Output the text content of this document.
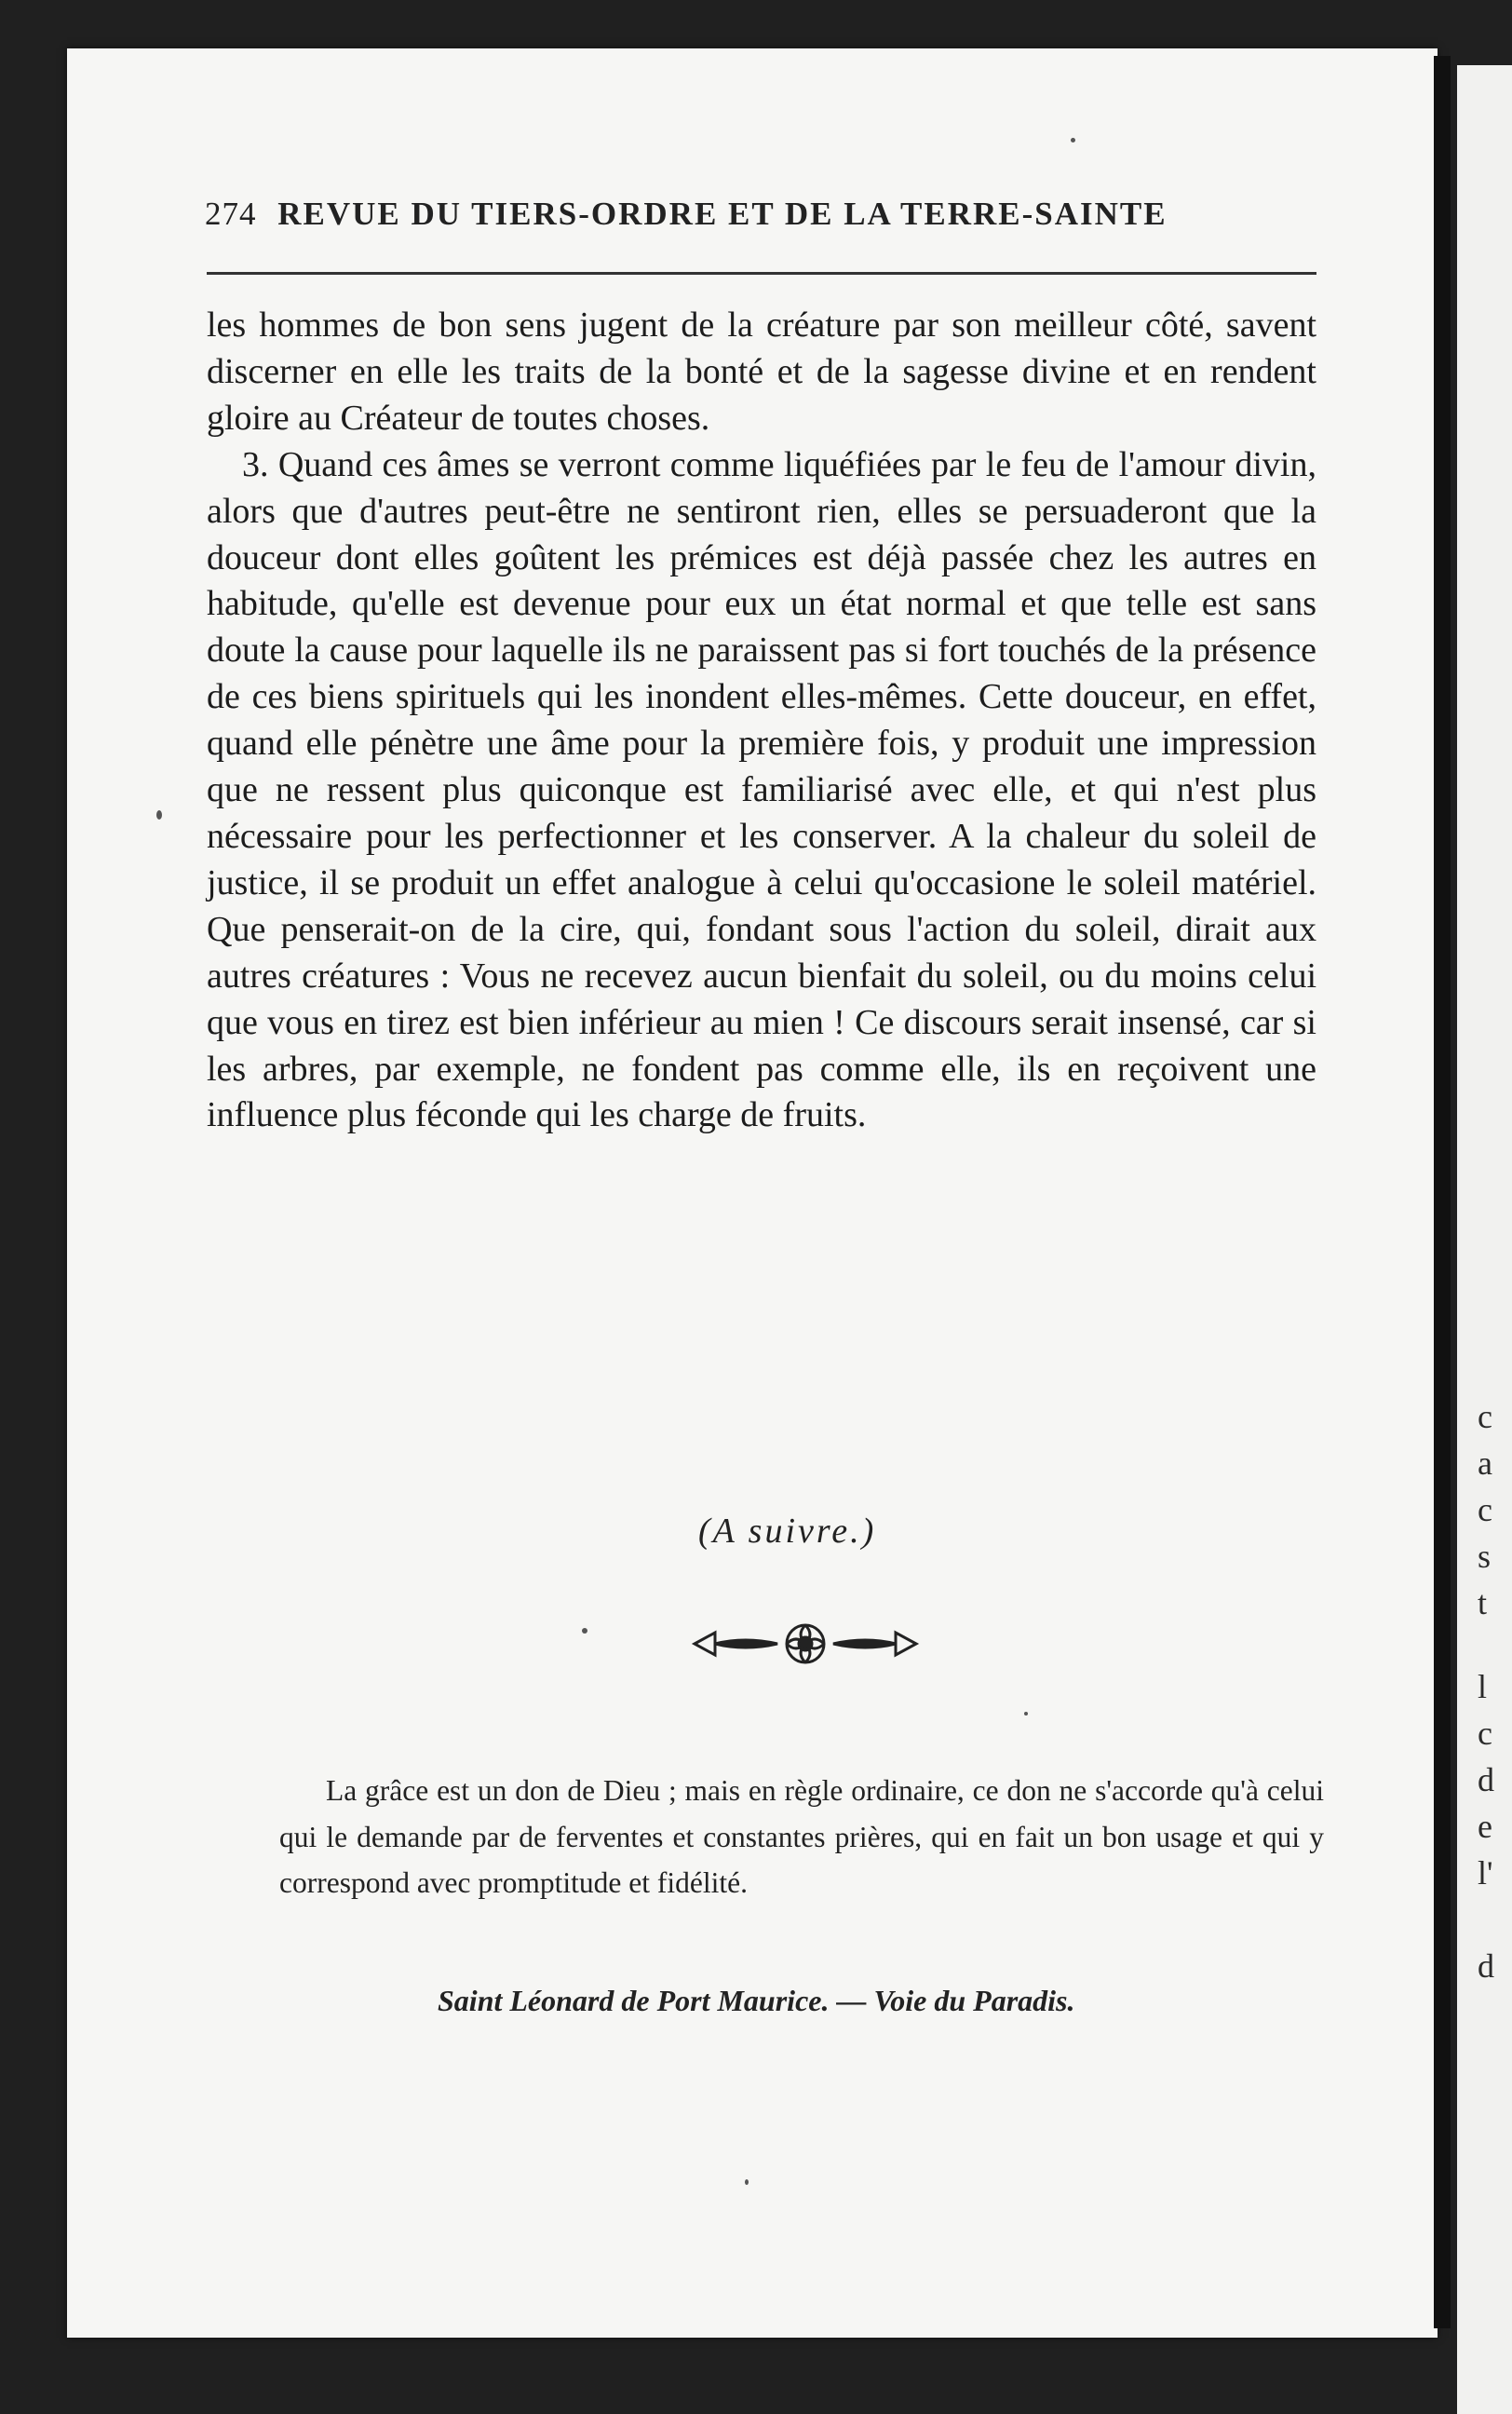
c
a
c
s
t
l
c
d
e
l'
d
274 REVUE DU TIERS-ORDRE ET DE LA TERRE-SAINTE

les hommes de bon sens jugent de la créature par son meilleur côté, savent discerner en elle les traits de la bonté et de la sagesse divine et en rendent gloire au Créateur de toutes choses.

3. Quand ces âmes se verront comme liquéfiées par le feu de l'amour divin, alors que d'autres peut-être ne sentiront rien, elles se persuaderont que la douceur dont elles goûtent les prémices est déjà passée chez les autres en habitude, qu'elle est devenue pour eux un état normal et que telle est sans doute la cause pour laquelle ils ne paraissent pas si fort touchés de la présence de ces biens spirituels qui les inondent elles-mêmes. Cette douceur, en effet, quand elle pénètre une âme pour la première fois, y produit une impression que ne ressent plus quiconque est familiarisé avec elle, et qui n'est plus nécessaire pour les perfectionner et les conserver. A la chaleur du soleil de justice, il se produit un effet analogue à celui qu'occasione le soleil matériel. Que penserait-on de la cire, qui, fondant sous l'action du soleil, dirait aux autres créatures : Vous ne recevez aucun bienfait du soleil, ou du moins celui que vous en tirez est bien inférieur au mien ! Ce discours serait insensé, car si les arbres, par exemple, ne fondent pas comme elle, ils en reçoivent une influence plus féconde qui les charge de fruits.

(A suivre.)

La grâce est un don de Dieu ; mais en règle ordinaire, ce don ne s'accorde qu'à celui qui le demande par de ferventes et constantes prières, qui en fait un bon usage et qui y correspond avec promptitude et fidélité.

Saint Léonard de Port Maurice. — Voie du Paradis.
